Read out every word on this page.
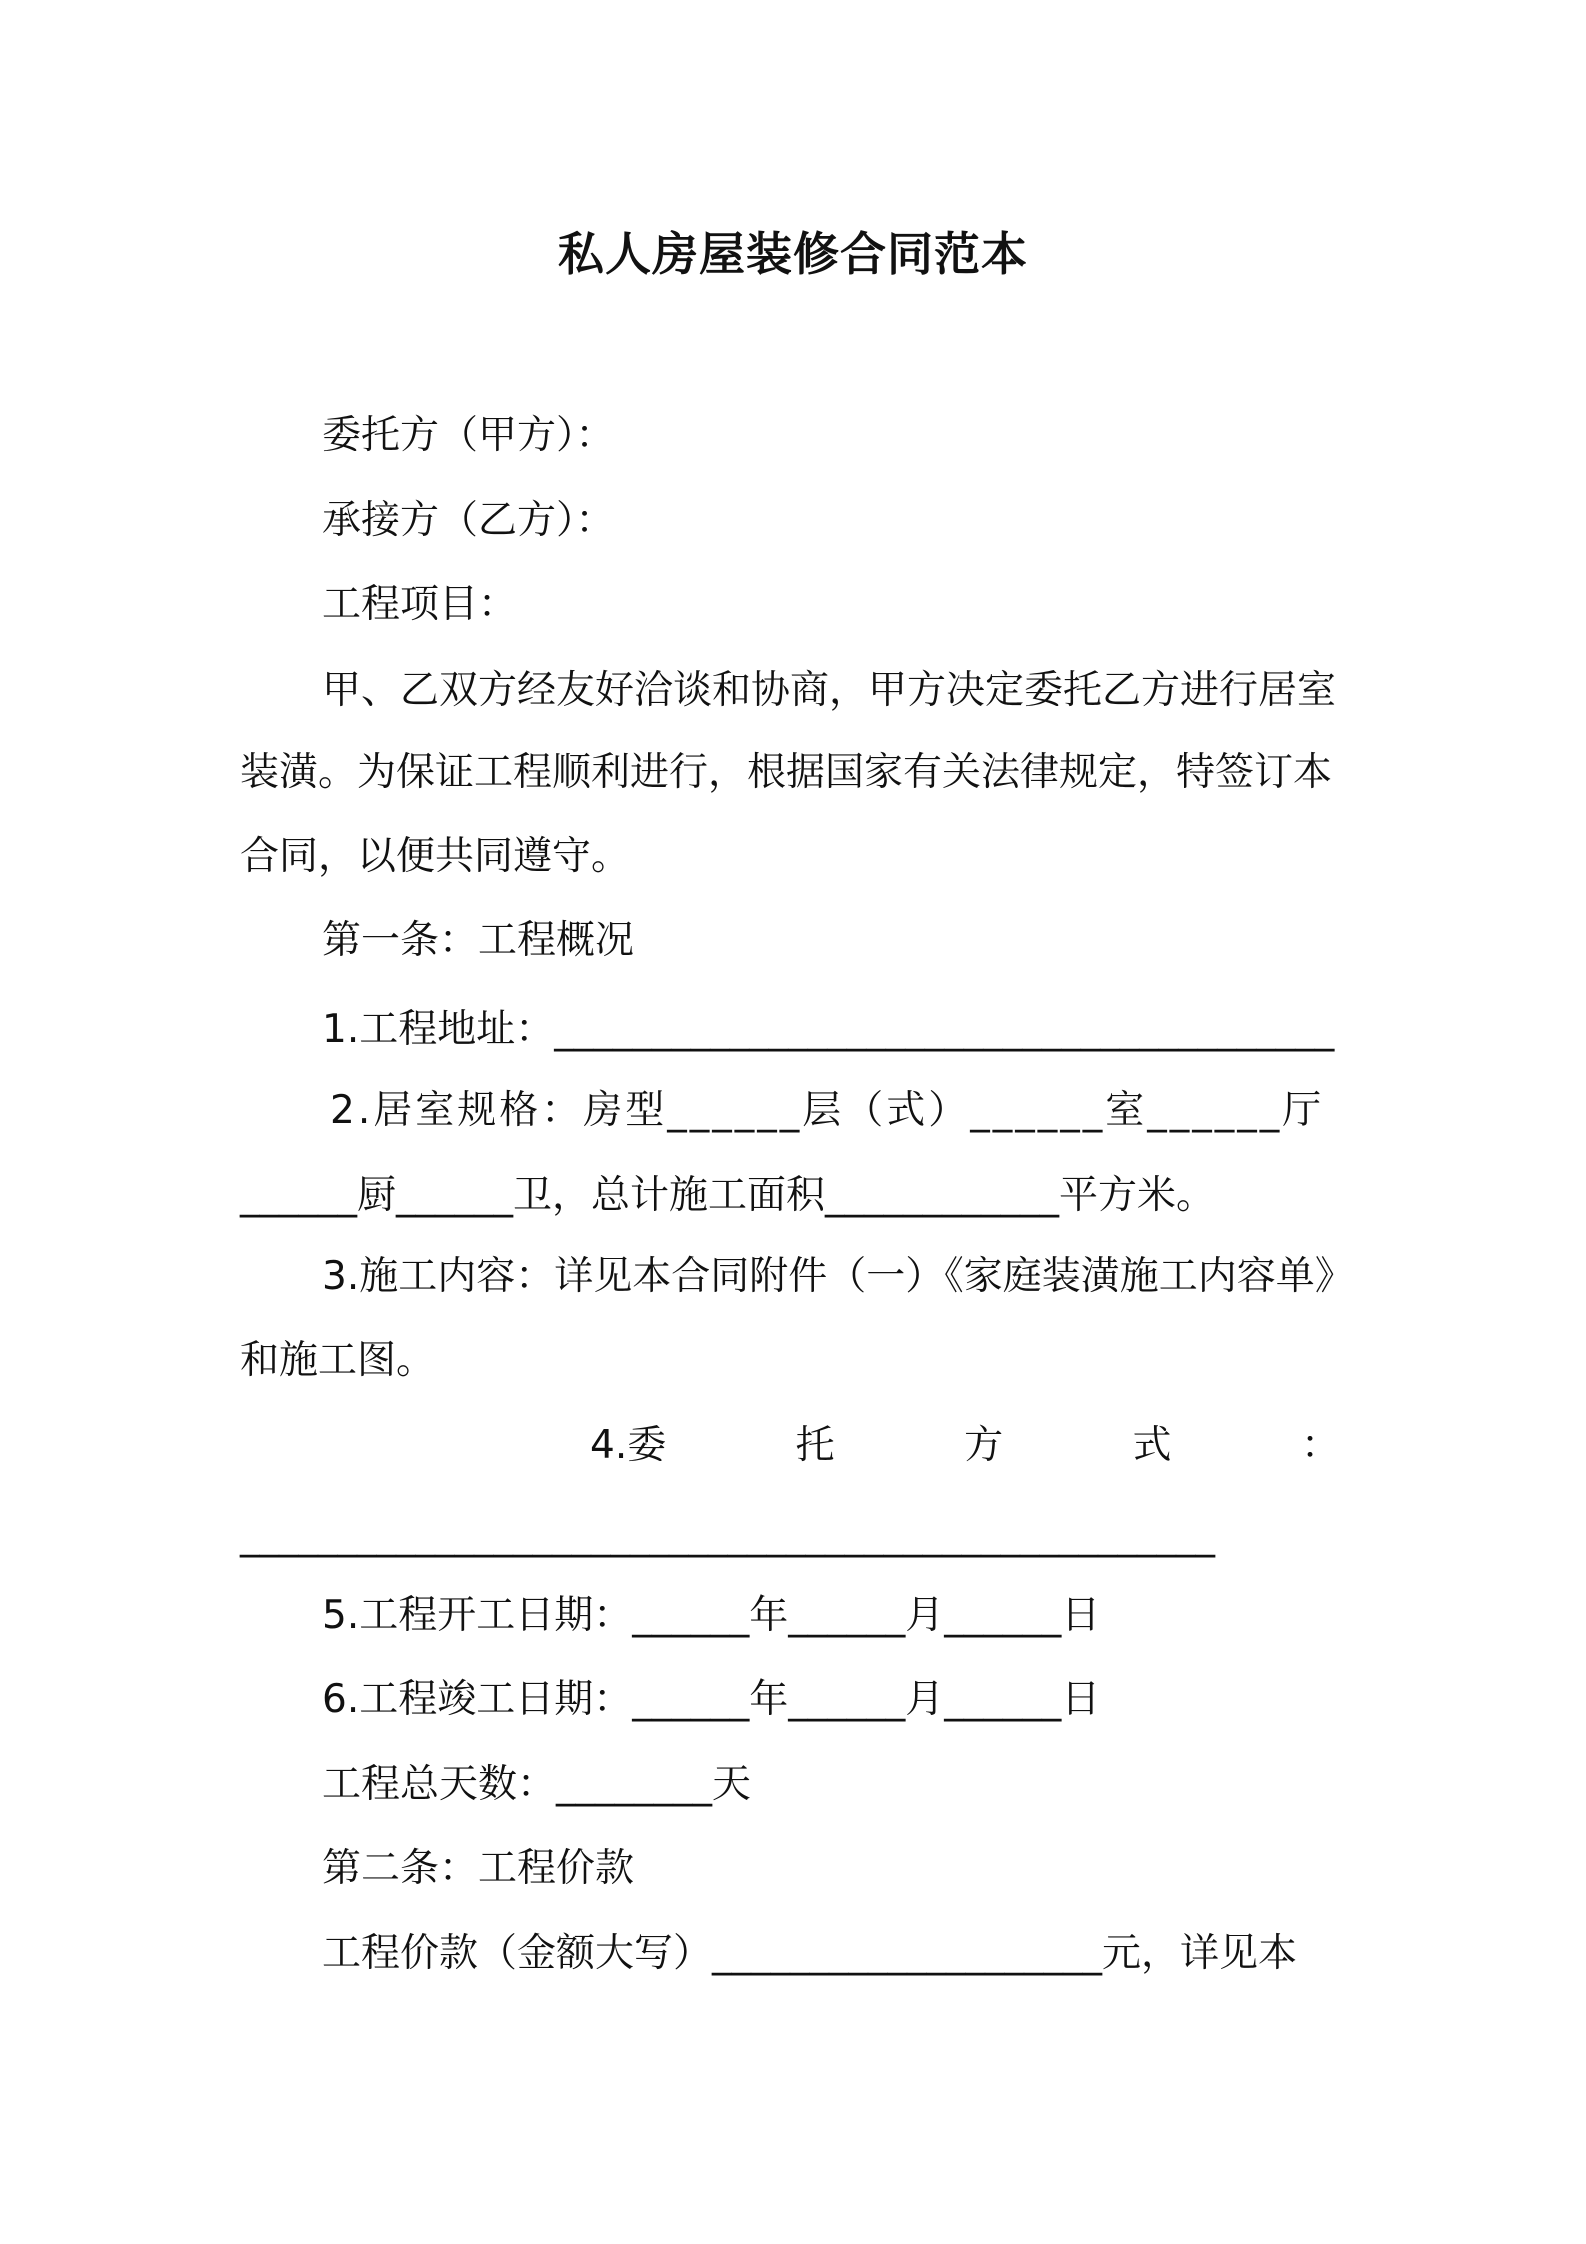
私人房屋装修合同范本

委托方（甲方）：

承接方（乙方）：

工程项目：

甲、乙双方经友好洽谈和协商，甲方决定委托乙方进行居室

装潢。为保证工程顺利进行，根据国家有关法律规定，特签订本

合同，以便共同遵守。

第一条：工程概况

1.工程地址：________________________________________

2.居室规格：房型______层（式）______室______厅

______厨______卫，总计施工面积____________平方米。

3.施工内容：详见本合同附件（一）《家庭装潢施工内容单》

和施工图。

4.委	托	方	式	：

__________________________________________________

5.工程开工日期：______年______月______日

6.工程竣工日期：______年______月______日

工程总天数：________天

第二条：工程价款

工程价款（金额大写）____________________元，详见本
